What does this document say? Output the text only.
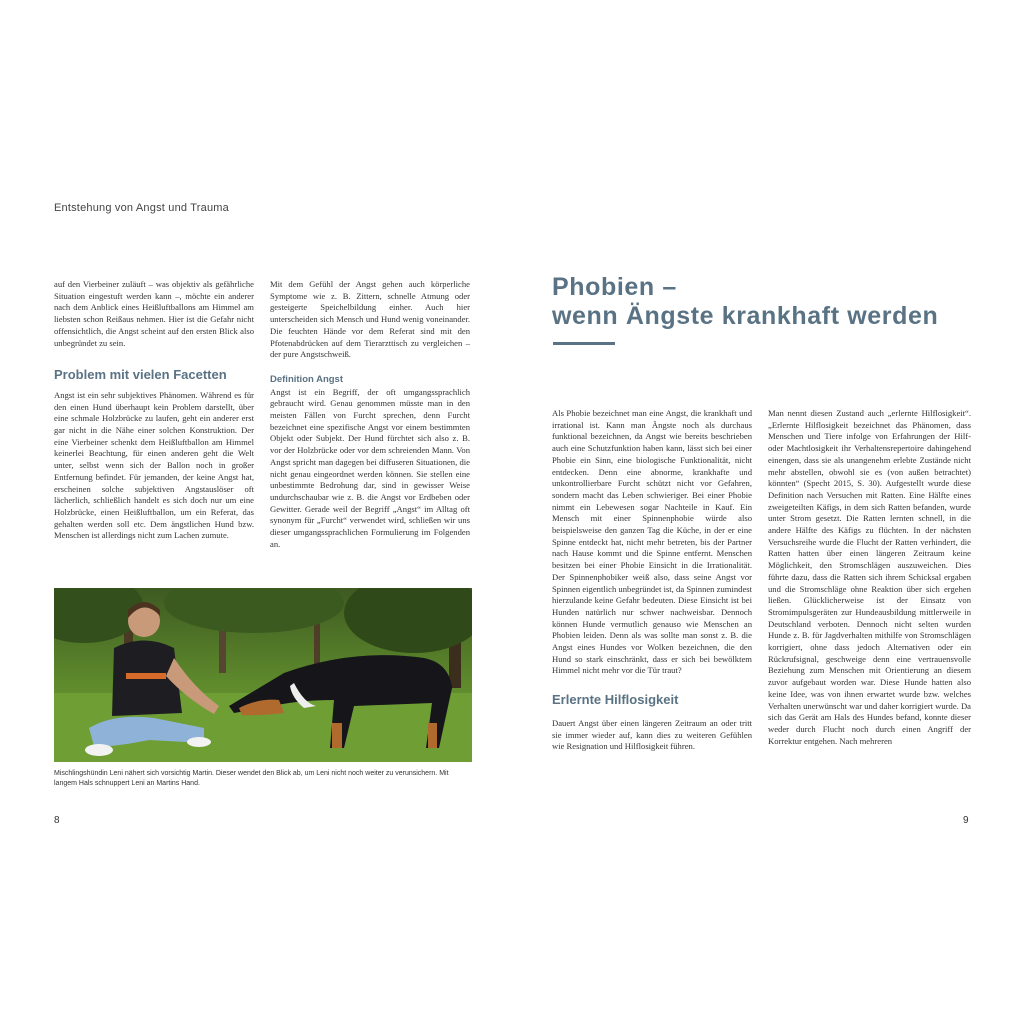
Entstehung von Angst und Trauma

auf den Vierbeiner zuläuft – was objektiv als gefährliche Situation eingestuft werden kann –, möchte ein anderer nach dem Anblick eines Heißluftballons am Himmel am liebsten schon Reißaus nehmen. Hier ist die Gefahr nicht offensichtlich, die Angst scheint auf den ersten Blick also unbegründet zu sein.

Problem mit vielen Facetten

Angst ist ein sehr subjektives Phänomen. Während es für den einen Hund überhaupt kein Problem darstellt, über eine schmale Holzbrücke zu laufen, geht ein anderer erst gar nicht in die Nähe einer solchen Konstruktion. Der eine Vierbeiner schenkt dem Heißluftballon am Himmel keinerlei Beachtung, für einen anderen geht die Welt unter, selbst wenn sich der Ballon noch in großer Entfernung befindet. Für jemanden, der keine Angst hat, erscheinen solche subjektiven Angstauslöser oft lächerlich, schließlich handelt es sich doch nur um eine Holzbrücke, einen Heißluftballon, um ein Referat, das gehalten werden soll etc. Dem ängstlichen Hund bzw. Menschen ist allerdings nicht zum Lachen zumute.

Mit dem Gefühl der Angst gehen auch körperliche Symptome wie z. B. Zittern, schnelle Atmung oder gesteigerte Speichelbildung einher. Auch hier unterscheiden sich Mensch und Hund wenig voneinander. Die feuchten Hände vor dem Referat sind mit den Pfotenabdrücken auf dem Tierarzttisch zu vergleichen – der pure Angstschweiß.

Definition Angst

Angst ist ein Begriff, der oft umgangssprachlich gebraucht wird. Genau genommen müsste man in den meisten Fällen von Furcht sprechen, denn Furcht bezeichnet eine spezifische Angst vor einem bestimmten Objekt oder Subjekt. Der Hund fürchtet sich also z. B. vor der Holzbrücke oder vor dem schreienden Mann. Von Angst spricht man dagegen bei diffuseren Situationen, die nicht genau eingeordnet werden können. Sie stellen eine unbestimmte Bedrohung dar, sind in gewisser Weise undurchschaubar wie z. B. die Angst vor Erdbeben oder Gewitter. Gerade weil der Begriff „Angst“ im Alltag oft synonym für „Furcht“ verwendet wird, schließen wir uns dieser umgangssprachlichen Formulierung im Folgenden an.

Mischlingshündin Leni nähert sich vorsichtig Martin. Dieser wendet den Blick ab, um Leni nicht noch weiter zu verunsichern. Mit langem Hals schnuppert Leni an Martins Hand.
8
Phobien –
wenn Ängste krankhaft werden

Als Phobie bezeichnet man eine Angst, die krankhaft und irrational ist. Kann man Ängste noch als durchaus funktional bezeichnen, da Angst wie bereits beschrieben auch eine Schutzfunktion haben kann, lässt sich bei einer Phobie ein Sinn, eine biologische Funktionalität, nicht entdecken. Denn eine abnorme, krankhafte und unkontrollierbare Furcht schützt nicht vor Gefahren, sondern macht das Leben schwieriger. Bei einer Phobie nimmt ein Lebewesen sogar Nachteile in Kauf. Ein Mensch mit einer Spinnenphobie würde also beispielsweise den ganzen Tag die Küche, in der er eine Spinne entdeckt hat, nicht mehr betreten, bis der Partner nach Hause kommt und die Spinne entfernt. Menschen besitzen bei einer Phobie Einsicht in die Irrationalität. Der Spinnenphobiker weiß also, dass seine Angst vor Spinnen eigentlich unbegründet ist, da Spinnen zumindest hierzulande keine Gefahr bedeuten. Diese Einsicht ist bei Hunden natürlich nur schwer nachweisbar. Dennoch können Hunde vermutlich genauso wie Menschen an Phobien leiden. Denn als was sollte man sonst z. B. die Angst eines Hundes vor Wolken bezeichnen, die den Hund so stark einschränkt, dass er sich bei bewölktem Himmel nicht mehr vor die Tür traut?

Erlernte Hilflosigkeit

Dauert Angst über einen längeren Zeitraum an oder tritt sie immer wieder auf, kann dies zu weiteren Gefühlen wie Resignation und Hilflosigkeit führen.

Man nennt diesen Zustand auch „erlernte Hilflosigkeit“. „Erlernte Hilflosigkeit bezeichnet das Phänomen, dass Menschen und Tiere infolge von Erfahrungen der Hilf- oder Machtlosigkeit ihr Verhaltensrepertoire dahingehend einengen, dass sie als unangenehm erlebte Zustände nicht mehr abstellen, obwohl sie es (von außen betrachtet) könnten“ (Specht 2015, S. 30). Aufgestellt wurde diese Definition nach Versuchen mit Ratten. Eine Hälfte eines zweigeteilten Käfigs, in dem sich Ratten befanden, wurde unter Strom gesetzt. Die Ratten lernten schnell, in die andere Hälfte des Käfigs zu flüchten. In der nächsten Versuchsreihe wurde die Flucht der Ratten verhindert, die Ratten hatten über einen längeren Zeitraum keine Möglichkeit, den Stromschlägen auszuweichen. Dies führte dazu, dass die Ratten sich ihrem Schicksal ergaben und die Stromschläge ohne Reaktion über sich ergehen ließen. Glücklicherweise ist der Einsatz von Stromimpulsgeräten zur Hundeausbildung mittlerweile in Deutschland verboten. Dennoch nicht selten wurden Hunde z. B. für Jagdverhalten mithilfe von Stromschlägen korrigiert, ohne dass jedoch Alternativen oder ein Rückrufsignal, geschweige denn eine vertrauensvolle Beziehung zum Menschen mit Orientierung an diesem zuvor aufgebaut worden war. Diese Hunde hatten also keine Idee, was von ihnen erwartet wurde bzw. welches Verhalten unerwünscht war und daher korrigiert wurde. Da sich das Gerät am Hals des Hundes befand, konnte dieser weder durch Flucht noch durch einen Angriff der Korrektur entgehen. Nach mehreren

9
